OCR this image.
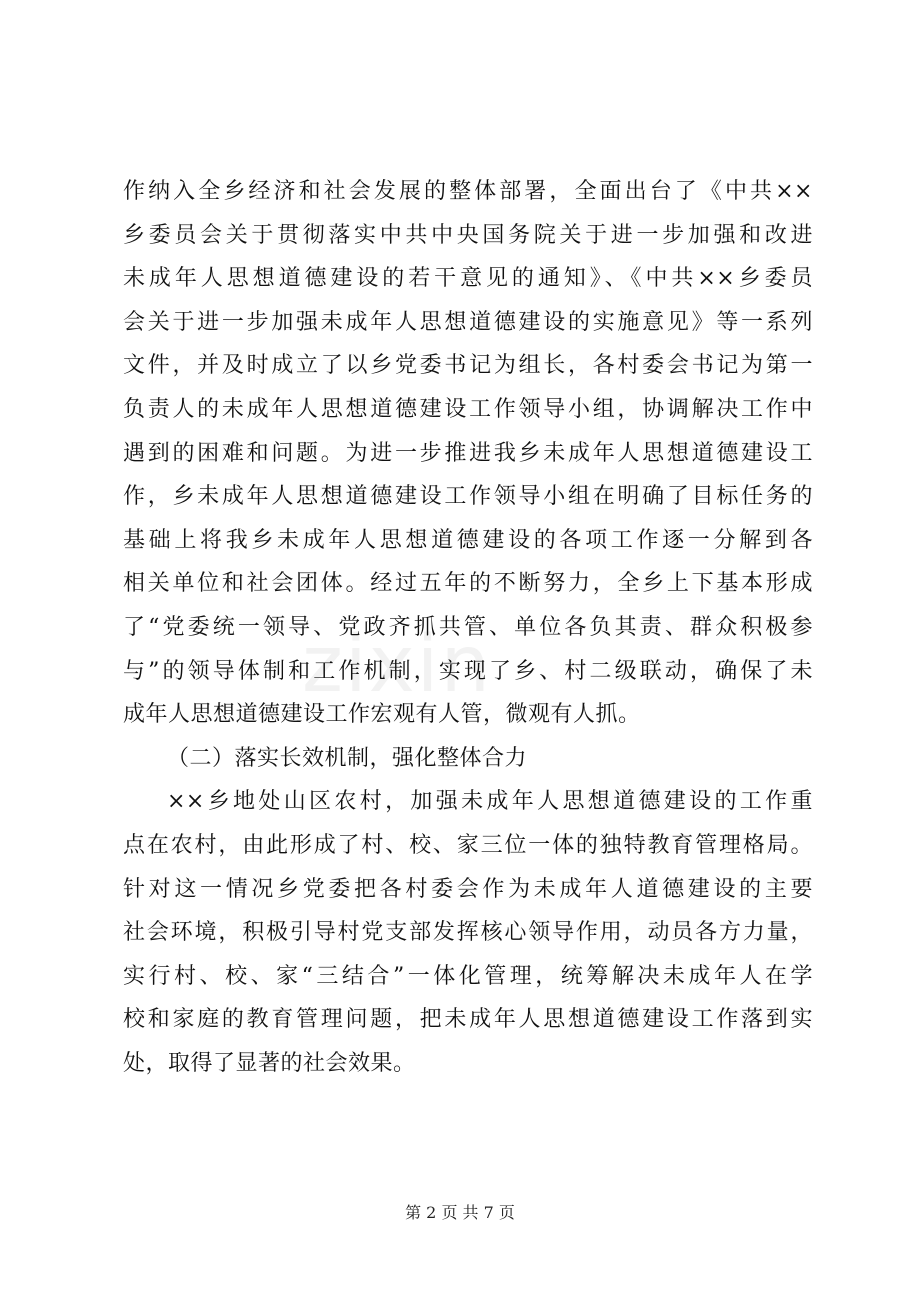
zixin
作纳入全乡经济和社会发展的整体部署，全面出台了《中共××
乡委员会关于贯彻落实中共中央国务院关于进一步加强和改进
未成年人思想道德建设的若干意见的通知》、《中共××乡委员
会关于进一步加强未成年人思想道德建设的实施意见》等一系列
文件，并及时成立了以乡党委书记为组长，各村委会书记为第一
负责人的未成年人思想道德建设工作领导小组，协调解决工作中
遇到的困难和问题。为进一步推进我乡未成年人思想道德建设工
作，乡未成年人思想道德建设工作领导小组在明确了目标任务的
基础上将我乡未成年人思想道德建设的各项工作逐一分解到各
相关单位和社会团体。经过五年的不断努力，全乡上下基本形成
了“党委统一领导、党政齐抓共管、单位各负其责、群众积极参
与”的领导体制和工作机制，实现了乡、村二级联动，确保了未
成年人思想道德建设工作宏观有人管，微观有人抓。
（二）落实长效机制，强化整体合力
××乡地处山区农村，加强未成年人思想道德建设的工作重
点在农村，由此形成了村、校、家三位一体的独特教育管理格局。
针对这一情况乡党委把各村委会作为未成年人道德建设的主要
社会环境，积极引导村党支部发挥核心领导作用，动员各方力量，
实行村、校、家“三结合”一体化管理，统筹解决未成年人在学
校和家庭的教育管理问题，把未成年人思想道德建设工作落到实
处，取得了显著的社会效果。
第 2 页 共 7 页
